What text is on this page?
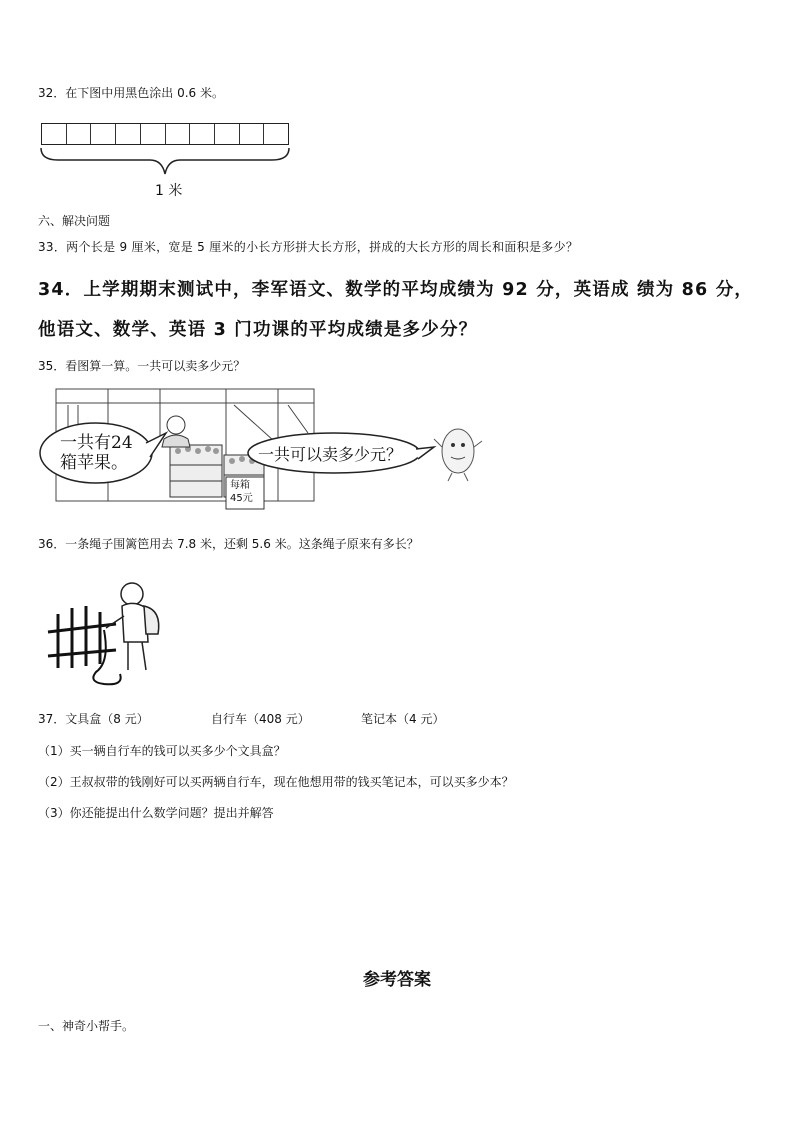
32．在下图中用黑色涂出 0.6 米。
1 米
六、解决问题
33．两个长是 9 厘米，宽是 5 厘米的小长方形拼大长方形，拼成的大长方形的周长和面积是多少？
34．上学期期末测试中，李军语文、数学的平均成绩为 92 分，英语成 绩为 86 分，
他语文、数学、英语 3 门功课的平均成绩是多少分？
35．看图算一算。一共可以卖多少元？
一共有24
箱苹果。	一共可以卖多少元？
每箱
45元
36．一条绳子围篱笆用去 7.8 米，还剩 5.6 米。这条绳子原来有多长？
37．文具盒（8 元）	自行车（408 元）	笔记本（4 元）
（1）买一辆自行车的钱可以买多少个文具盒？
（2）王叔叔带的钱刚好可以买两辆自行车，现在他想用带的钱买笔记本，可以买多少本？
（3）你还能提出什么数学问题？提出并解答
参考答案
一、神奇小帮手。
